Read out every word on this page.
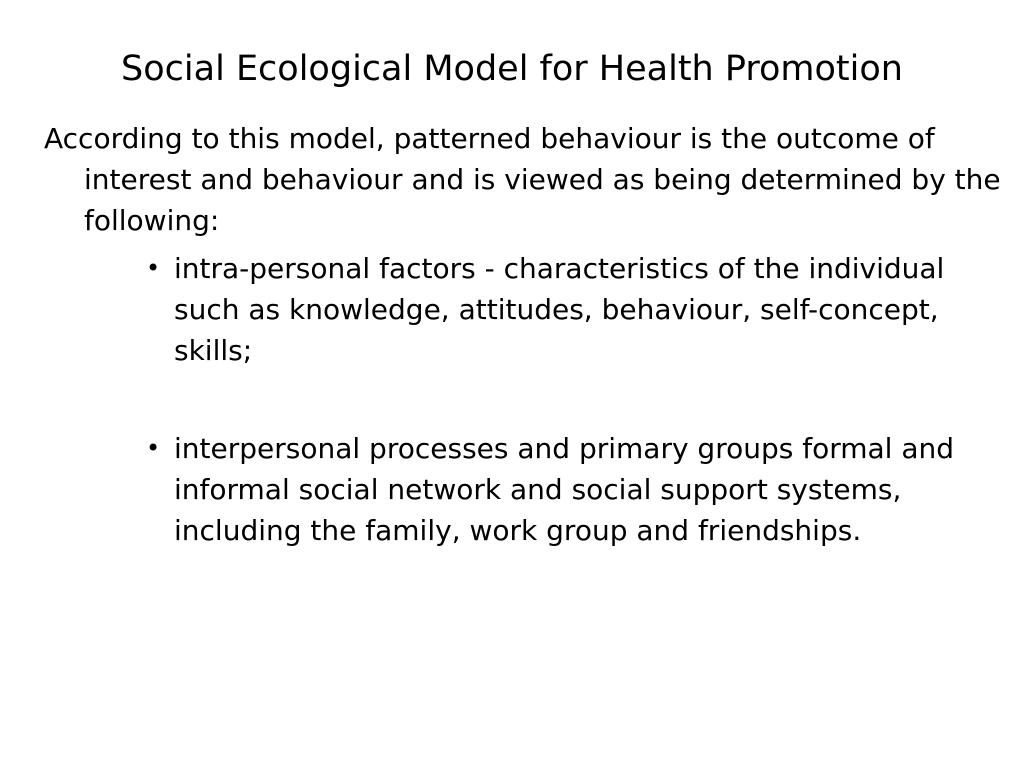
Social Ecological Model for Health Promotion

According to this model, patterned behaviour is the outcome of interest and behaviour and is viewed as being determined by the following:

• intra-personal factors - characteristics of the individual such as knowledge, attitudes, behaviour, self-concept, skills;
• interpersonal processes and primary groups formal and informal social network and social support systems, including the family, work group and friendships.
